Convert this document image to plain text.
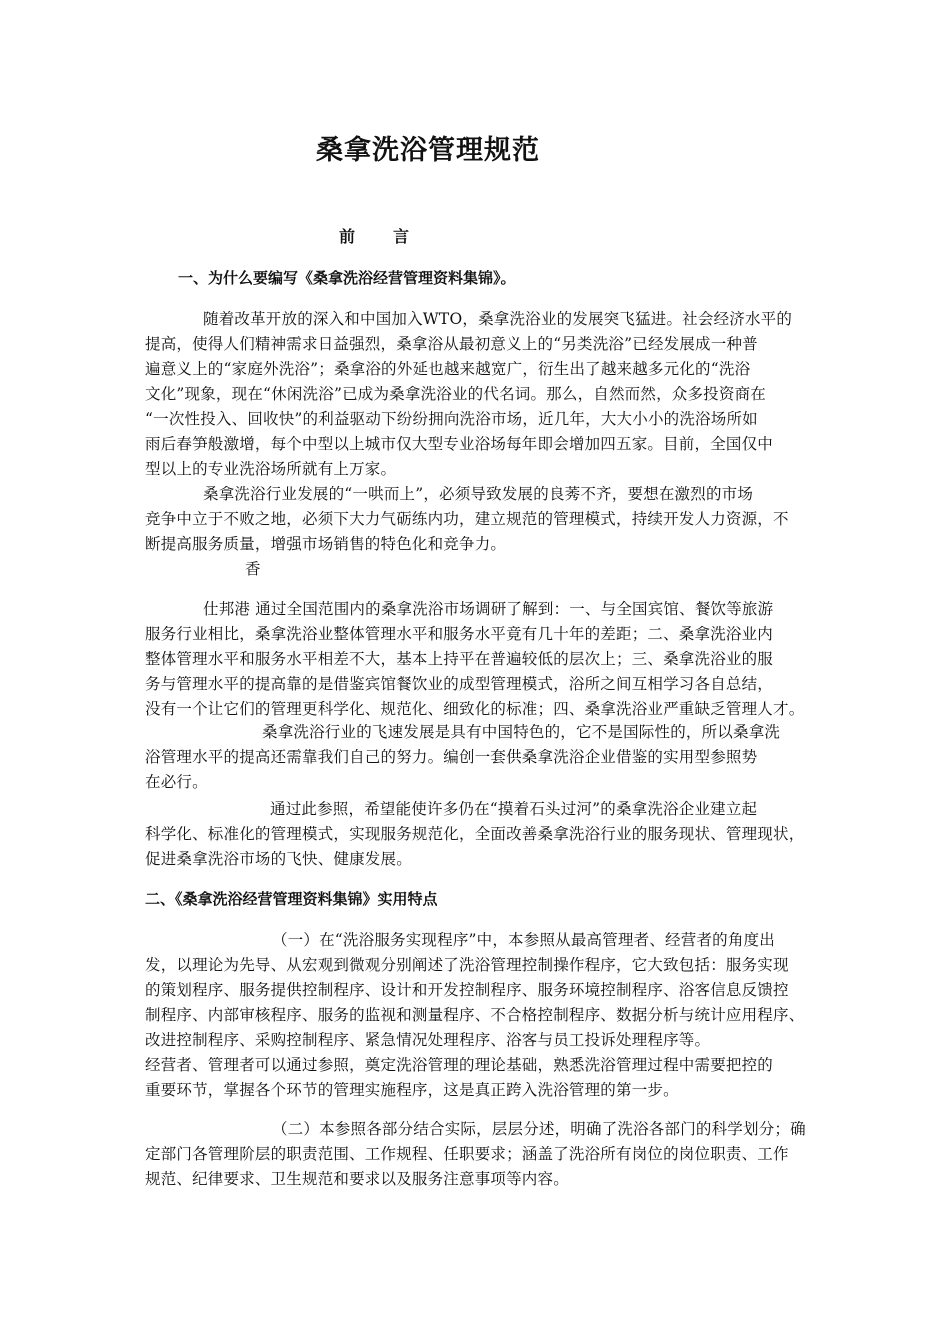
桑拿洗浴管理规范
前 言
一、为什么要编写《桑拿洗浴经营管理资料集锦》。
随着改革开放的深入和中国加入WTO，桑拿洗浴业的发展突飞猛进。社会经济水平的
提高，使得人们精神需求日益强烈，桑拿浴从最初意义上的“另类洗浴”已经发展成一种普
遍意义上的“家庭外洗浴”；桑拿浴的外延也越来越宽广，衍生出了越来越多元化的“洗浴
文化”现象，现在“休闲洗浴”已成为桑拿洗浴业的代名词。那么，自然而然，众多投资商在
“一次性投入、回收快”的利益驱动下纷纷拥向洗浴市场，近几年，大大小小的洗浴场所如
雨后春笋般激增，每个中型以上城市仅大型专业浴场每年即会增加四五家。目前，全国仅中
型以上的专业洗浴场所就有上万家。
桑拿洗浴行业发展的“一哄而上”，必须导致发展的良莠不齐，要想在激烈的市场
竞争中立于不败之地，必须下大力气砺练内功，建立规范的管理模式，持续开发人力资源，不
断提高服务质量，增强市场销售的特色化和竞争力。
香
仕邦港 通过全国范围内的桑拿洗浴市场调研了解到：一、与全国宾馆、餐饮等旅游
服务行业相比，桑拿洗浴业整体管理水平和服务水平竟有几十年的差距；二、桑拿洗浴业内
整体管理水平和服务水平相差不大，基本上持平在普遍较低的层次上；三、桑拿洗浴业的服
务与管理水平的提高靠的是借鉴宾馆餐饮业的成型管理模式，浴所之间互相学习各自总结，
没有一个让它们的管理更科学化、规范化、细致化的标准；四、桑拿洗浴业严重缺乏管理人才。
桑拿洗浴行业的飞速发展是具有中国特色的，它不是国际性的，所以桑拿洗
浴管理水平的提高还需靠我们自己的努力。编创一套供桑拿洗浴企业借鉴的实用型参照势
在必行。
通过此参照，希望能使许多仍在“摸着石头过河”的桑拿洗浴企业建立起
科学化、标准化的管理模式，实现服务规范化，全面改善桑拿洗浴行业的服务现状、管理现状，
促进桑拿洗浴市场的飞快、健康发展。
二、《桑拿洗浴经营管理资料集锦》实用特点
（一）在“洗浴服务实现程序”中，本参照从最高管理者、经营者的角度出
发，以理论为先导、从宏观到微观分别阐述了洗浴管理控制操作程序，它大致包括：服务实现
的策划程序、服务提供控制程序、设计和开发控制程序、服务环境控制程序、浴客信息反馈控
制程序、内部审核程序、服务的监视和测量程序、不合格控制程序、数据分析与统计应用程序、
改进控制程序、采购控制程序、紧急情况处理程序、浴客与员工投诉处理程序等。
经营者、管理者可以通过参照，奠定洗浴管理的理论基础，熟悉洗浴管理过程中需要把控的
重要环节，掌握各个环节的管理实施程序，这是真正跨入洗浴管理的第一步。
（二）本参照各部分结合实际，层层分述，明确了洗浴各部门的科学划分；确
定部门各管理阶层的职责范围、工作规程、任职要求；涵盖了洗浴所有岗位的岗位职责、工作
规范、纪律要求、卫生规范和要求以及服务注意事项等内容。
